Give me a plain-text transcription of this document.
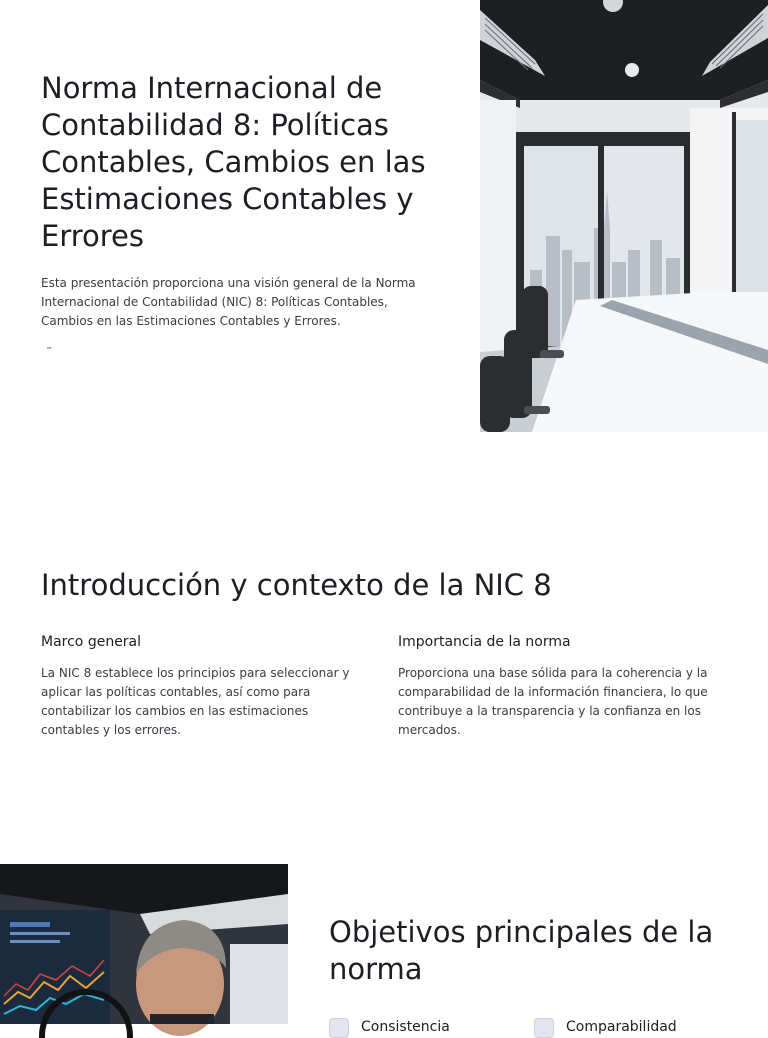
Norma Internacional de Contabilidad 8: Políticas Contables, Cambios en las Estimaciones Contables y Errores

Esta presentación proporciona una visión general de la Norma Internacional de Contabilidad (NIC) 8: Políticas Contables, Cambios en las Estimaciones Contables y Errores.

ᴰᴿ
Introducción y contexto de la NIC 8
Marco general

La NIC 8 establece los principios para seleccionar y aplicar las políticas contables, así como para contabilizar los cambios en las estimaciones contables y los errores.

Importancia de la norma

Proporciona una base sólida para la coherencia y la comparabilidad de la información financiera, lo que contribuye a la transparencia y la confianza en los mercados.

Objetivos principales de la norma
Consistencia	Comparabilidad
